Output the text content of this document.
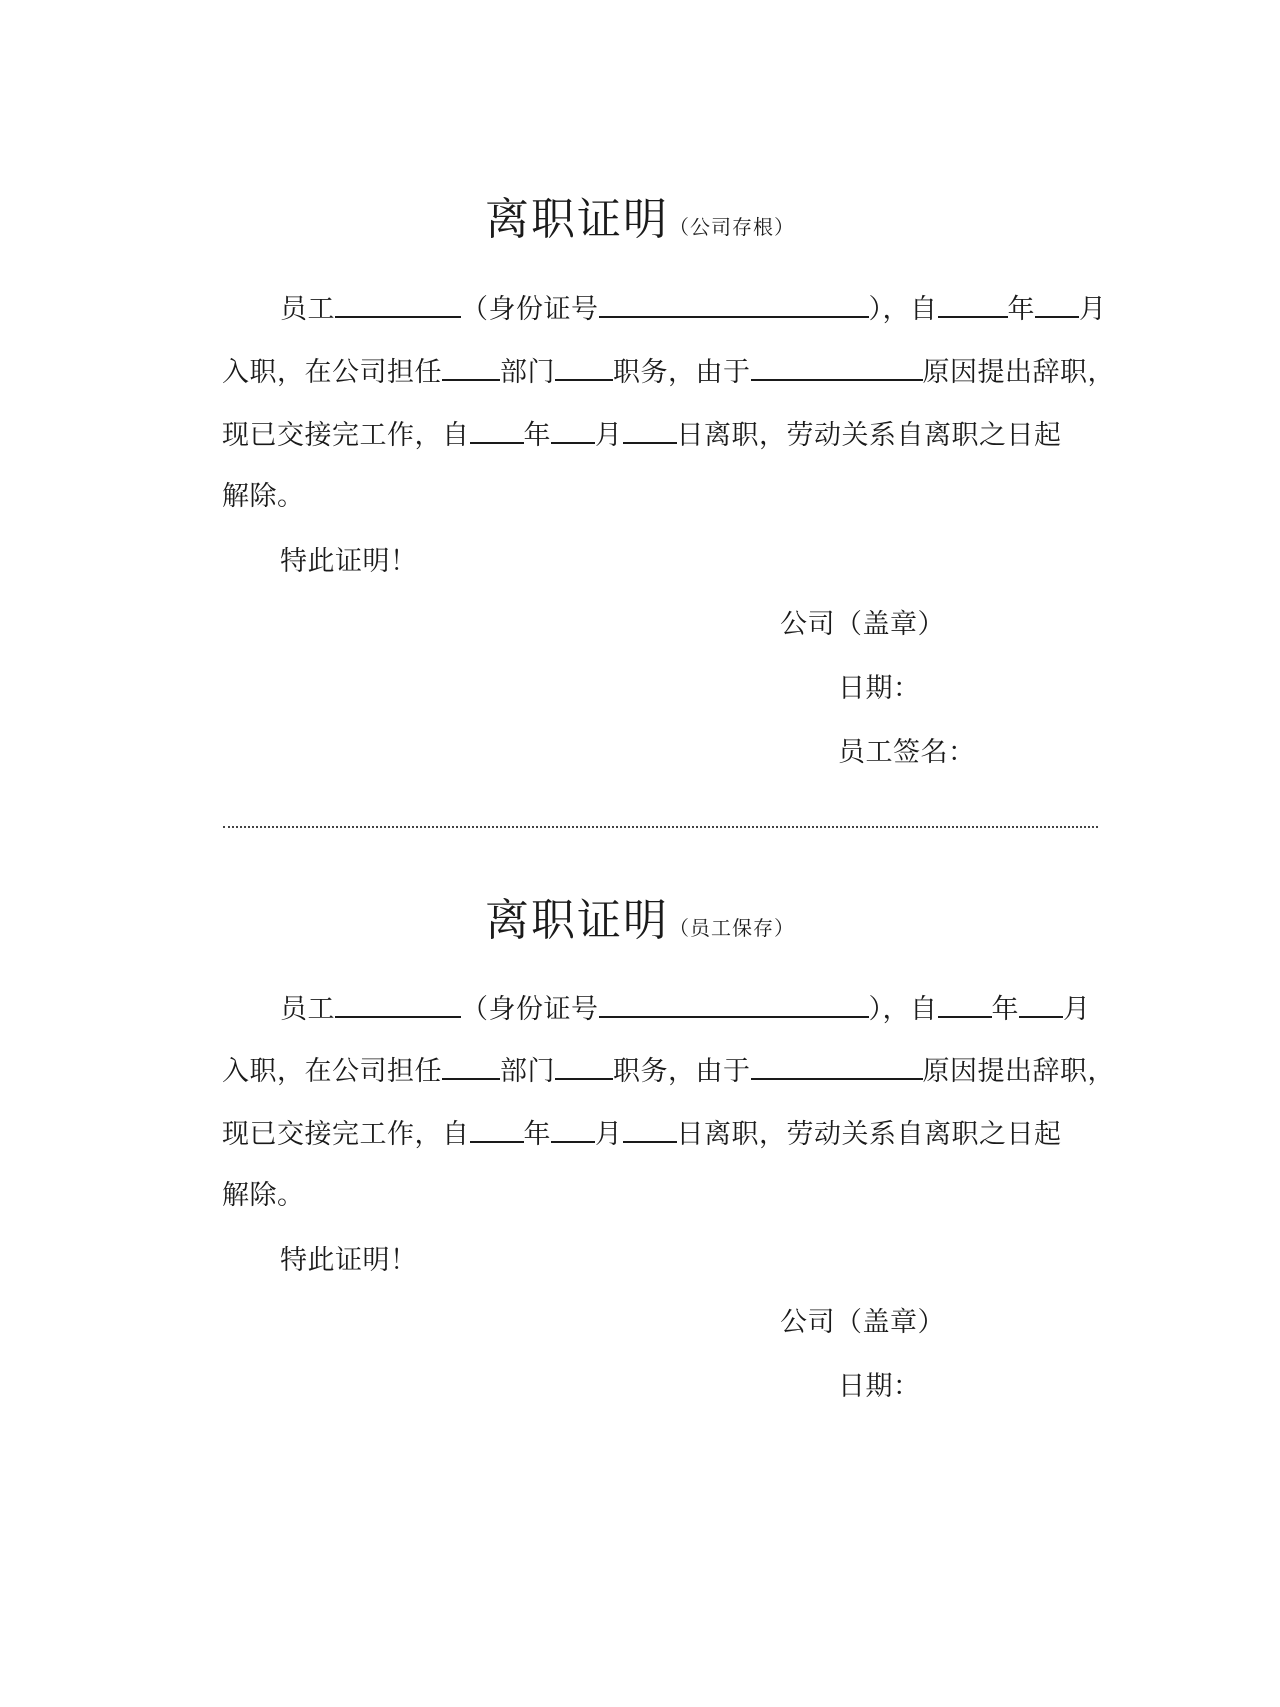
离职证明（公司存根）
员工	（身份证号	），自	年 月
入职，在公司担任 部门 职务，由于	原因提出辞职，
现已交接完工作，自 年 月 日离职，劳动关系自离职之日起
解除。
特此证明！
公司（盖章）
日期：
员工签名：
离职证明（员工保存）
员工	（身份证号	），自 年 月
入职，在公司担任 部门 职务，由于	原因提出辞职，
现已交接完工作，自 年 月 日离职，劳动关系自离职之日起
解除。
特此证明！
公司（盖章）
日期：
